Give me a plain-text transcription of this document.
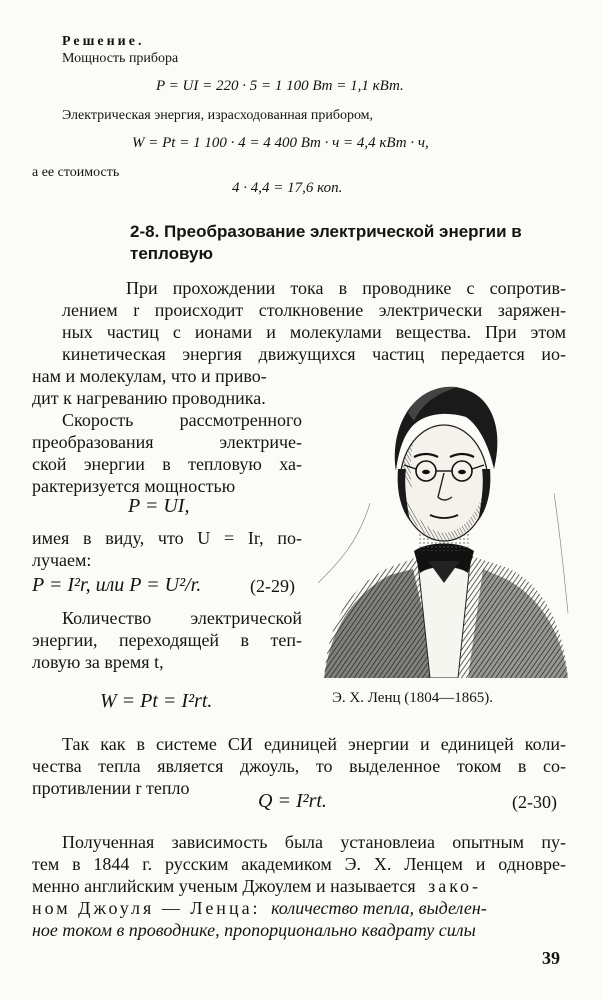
Решение.
Мощность прибора
P = UI = 220 · 5 = 1 100 Вт = 1,1 кВт.
Электрическая энергия, израсходованная прибором,
W = Pt = 1 100 · 4 = 4 400 Вт · ч = 4,4 кВт · ч,
а ее стоимость
4 · 4,4 = 17,6 коп.
2-8. Преобразование электрической энергии в
тепловую
При прохождении тока в проводнике с сопротив-
лением r происходит столкновение электрически заряжен-
ных частиц с ионами и молекулами вещества. При этом
кинетическая энергия движущихся частиц передается ио-
нам и молекулам, что и приво-
дит к нагреванию проводника.
Скорость рассмотренного
преобразования электриче-
ской энергии в тепловую ха-
рактеризуется мощностью
P = UI,
имея в виду, что U = Ir, по-
лучаем:
P = I²r, или P = U²/r.	(2-29)
Количество электрической
энергии, переходящей в теп-
ловую за время t,
W = Pt = I²rt.	Э. Х. Ленц (1804—1865).
Так как в системе СИ единицей энергии и единицей коли-
чества тепла является джоуль, то выделенное током в со-
противлении r тепло
Q = I²rt.	(2-30)
Полученная зависимость была установлеиа опытным пу-
тем в 1844 г. русским академиком Э. Х. Ленцем и одновре-
менно английским ученым Джоулем и называется зако-
ном Джоуля — Ленца: количество тепла, выделен-
ное током в проводнике, пропорционально квадрату силы
39
